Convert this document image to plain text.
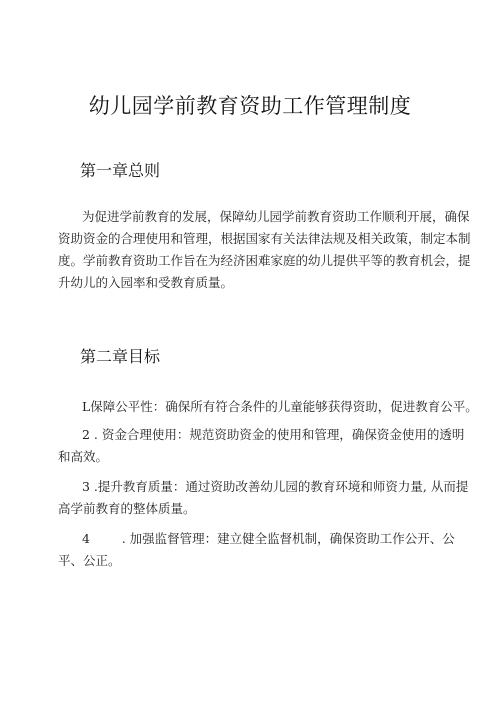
幼儿园学前教育资助工作管理制度
第一章总则
为促进学前教育的发展，保障幼儿园学前教育资助工作顺利开展，确保
资助资金的合理使用和管理，根据国家有关法律法规及相关政策，制定本制
度。学前教育资助工作旨在为经济困难家庭的幼儿提供平等的教育机会，提
升幼儿的入园率和受教育质量。
第二章目标
L保障公平性：确保所有符合条件的儿童能够获得资助，促进教育公平。
2 . 资金合理使用：规范资助资金的使用和管理，确保资金使用的透明
和高效。
3 .提升教育质量：通过资助改善幼儿园的教育环境和师资力量, 从而提
高学前教育的整体质量。
4        . 加强监督管理：建立健全监督机制，确保资助工作公开、公
平、公正。
